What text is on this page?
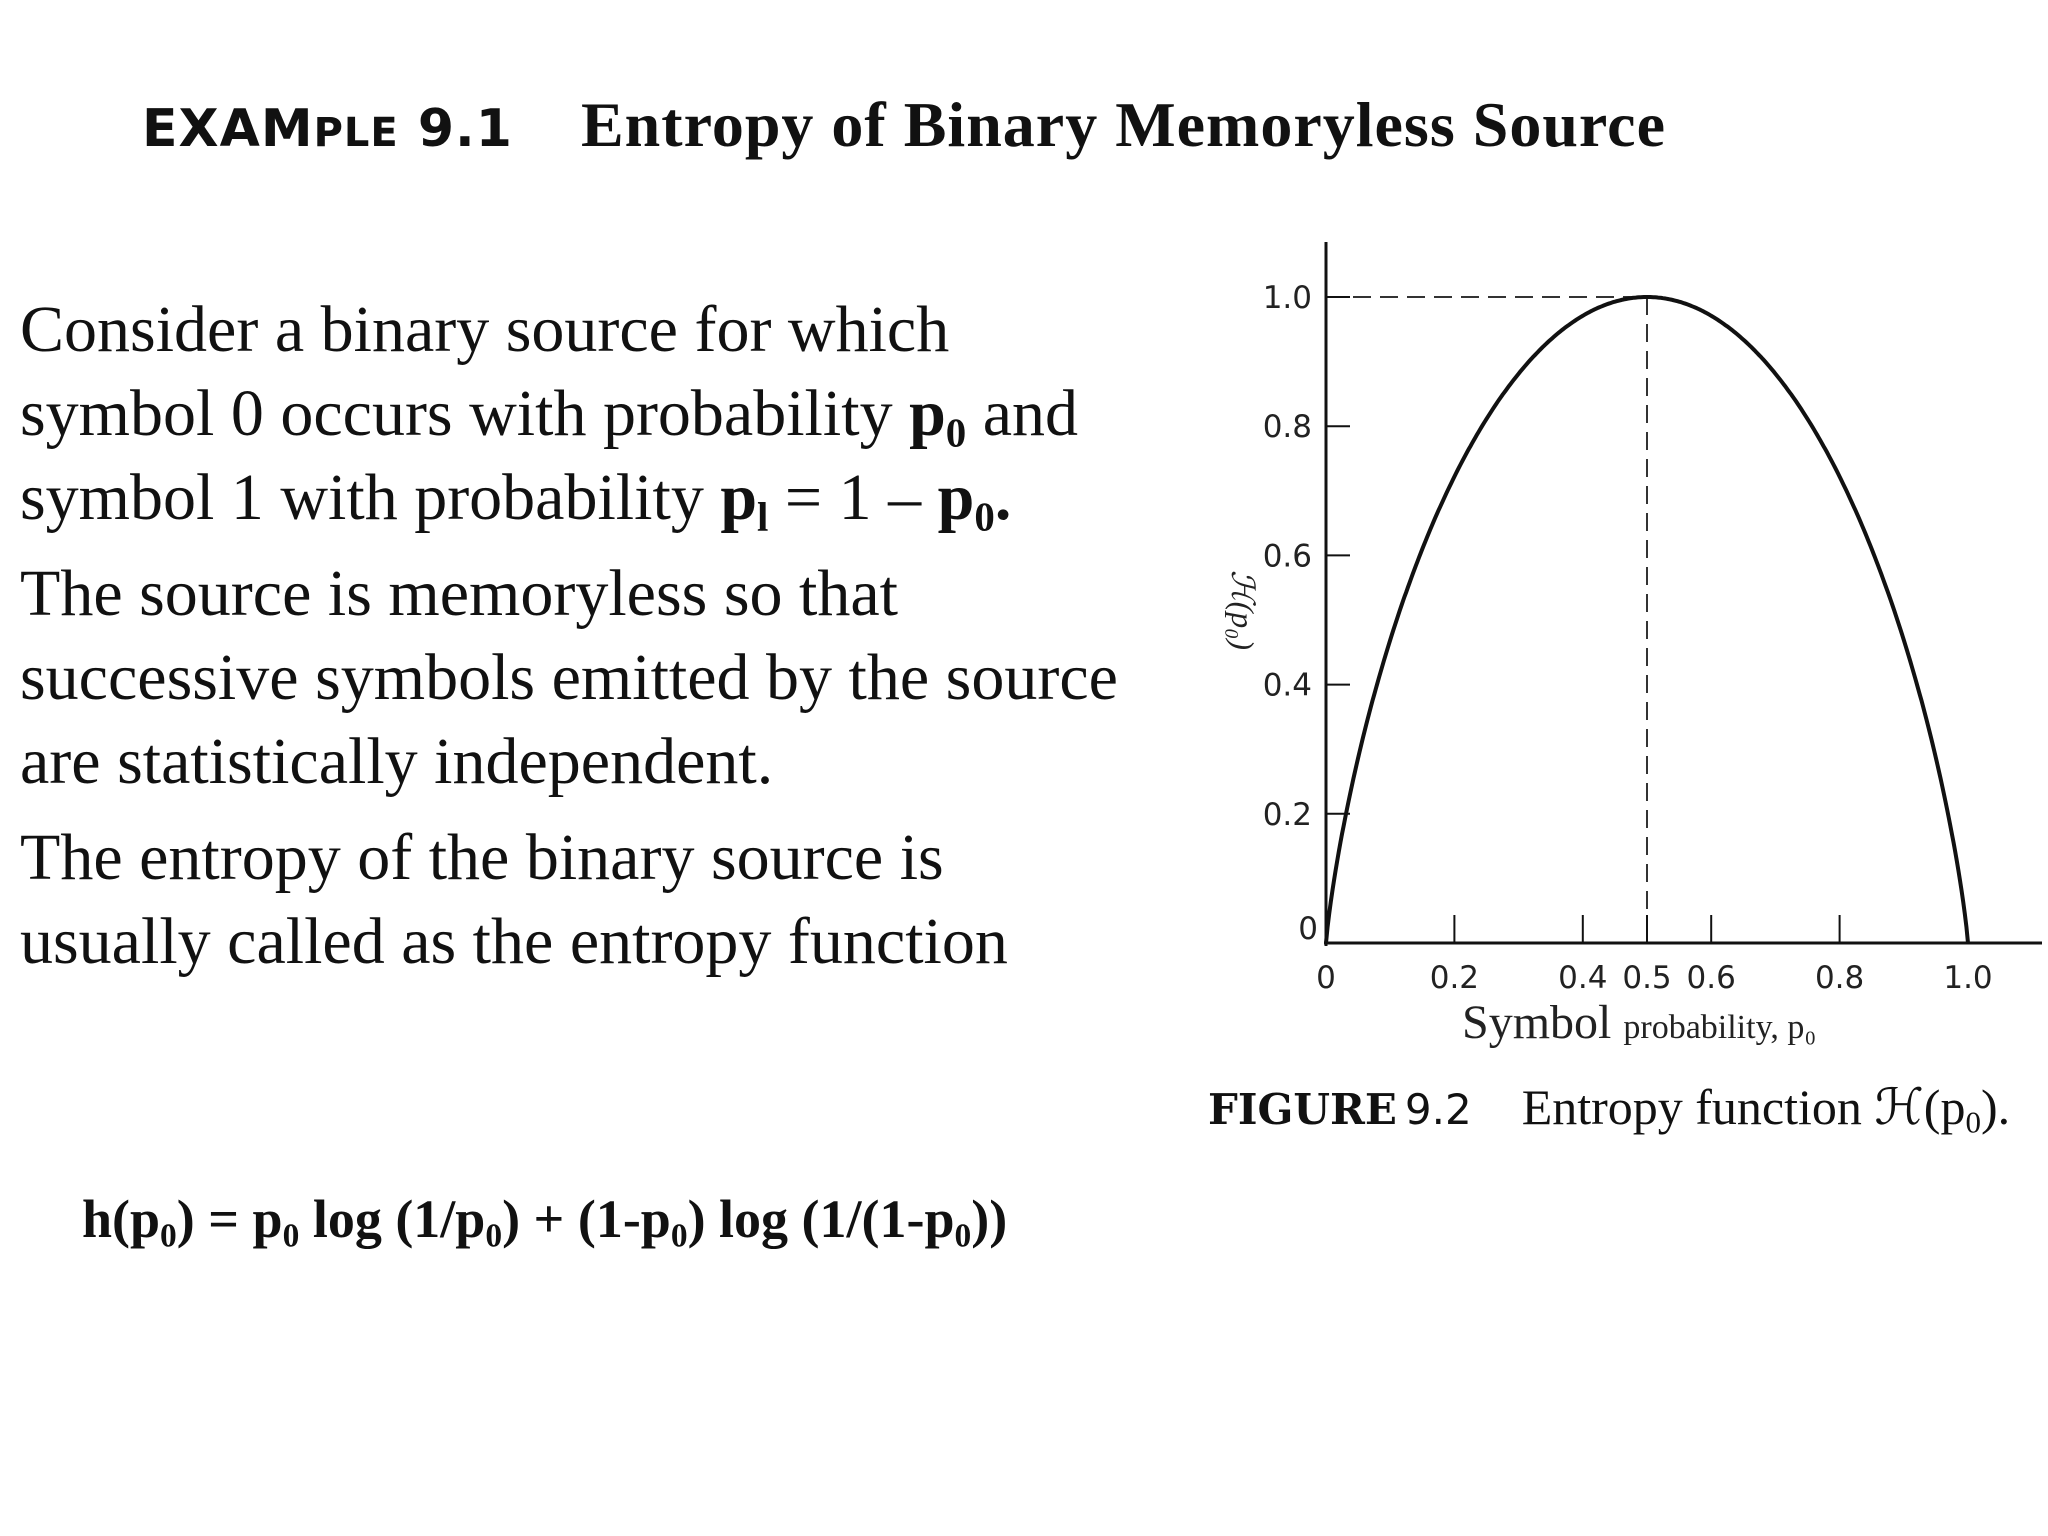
EXAMPLE 9.1 Entropy of Binary Memoryless Source

Consider a binary source for which symbol 0 occurs with probability $p_0$ and symbol 1 with probability $p_l = 1 - p_0$.

The source is memoryless so that successive symbols emitted by the source are statistically independent.

The entropy of the binary source is usually called as the entropy function

$h(p_0) = p_0$ $\log (1/p_0) + (1-p_0)$ $\log (1/(1-p_0))$
0
0.2
0.4
0.6
0.8
1.0
0	0.2	0.4 0.5 0.6	0.8	1.0
ℋ(p₀)
Symbol probability, p₀
FIGURE 9.2 Entropy function $ℋ(p_0)$.
